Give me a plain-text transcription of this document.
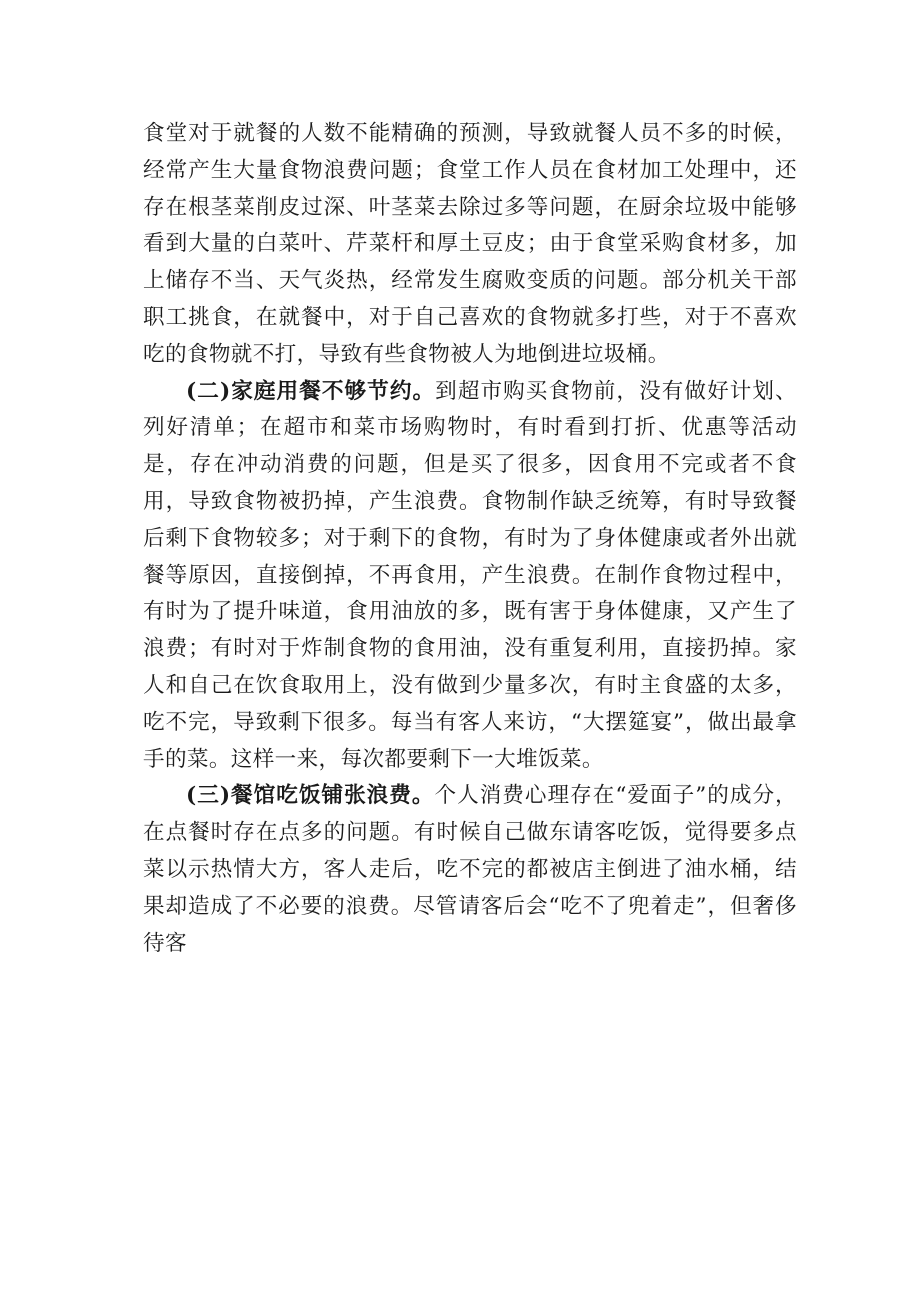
食堂对于就餐的人数不能精确的预测，导致就餐人员不多的时候，经常产生大量食物浪费问题；食堂工作人员在食材加工处理中，还存在根茎菜削皮过深、叶茎菜去除过多等问题，在厨余垃圾中能够看到大量的白菜叶、芹菜杆和厚土豆皮；由于食堂采购食材多，加上储存不当、天气炎热，经常发生腐败变质的问题。部分机关干部职工挑食，在就餐中，对于自己喜欢的食物就多打些，对于不喜欢吃的食物就不打，导致有些食物被人为地倒进垃圾桶。

(二)家庭用餐不够节约。到超市购买食物前，没有做好计划、列好清单；在超市和菜市场购物时，有时看到打折、优惠等活动是，存在冲动消费的问题，但是买了很多，因食用不完或者不食用，导致食物被扔掉，产生浪费。食物制作缺乏统筹，有时导致餐后剩下食物较多；对于剩下的食物，有时为了身体健康或者外出就餐等原因，直接倒掉，不再食用，产生浪费。在制作食物过程中，有时为了提升味道，食用油放的多，既有害于身体健康，又产生了浪费；有时对于炸制食物的食用油，没有重复利用，直接扔掉。家人和自己在饮食取用上，没有做到少量多次，有时主食盛的太多，吃不完，导致剩下很多。每当有客人来访，“大摆筵宴”，做出最拿手的菜。这样一来，每次都要剩下一大堆饭菜。

(三)餐馆吃饭铺张浪费。个人消费心理存在“爱面子”的成分，在点餐时存在点多的问题。有时候自己做东请客吃饭，觉得要多点菜以示热情大方，客人走后，吃不完的都被店主倒进了油水桶，结果却造成了不必要的浪费。尽管请客后会“吃不了兜着走”，但奢侈待客
